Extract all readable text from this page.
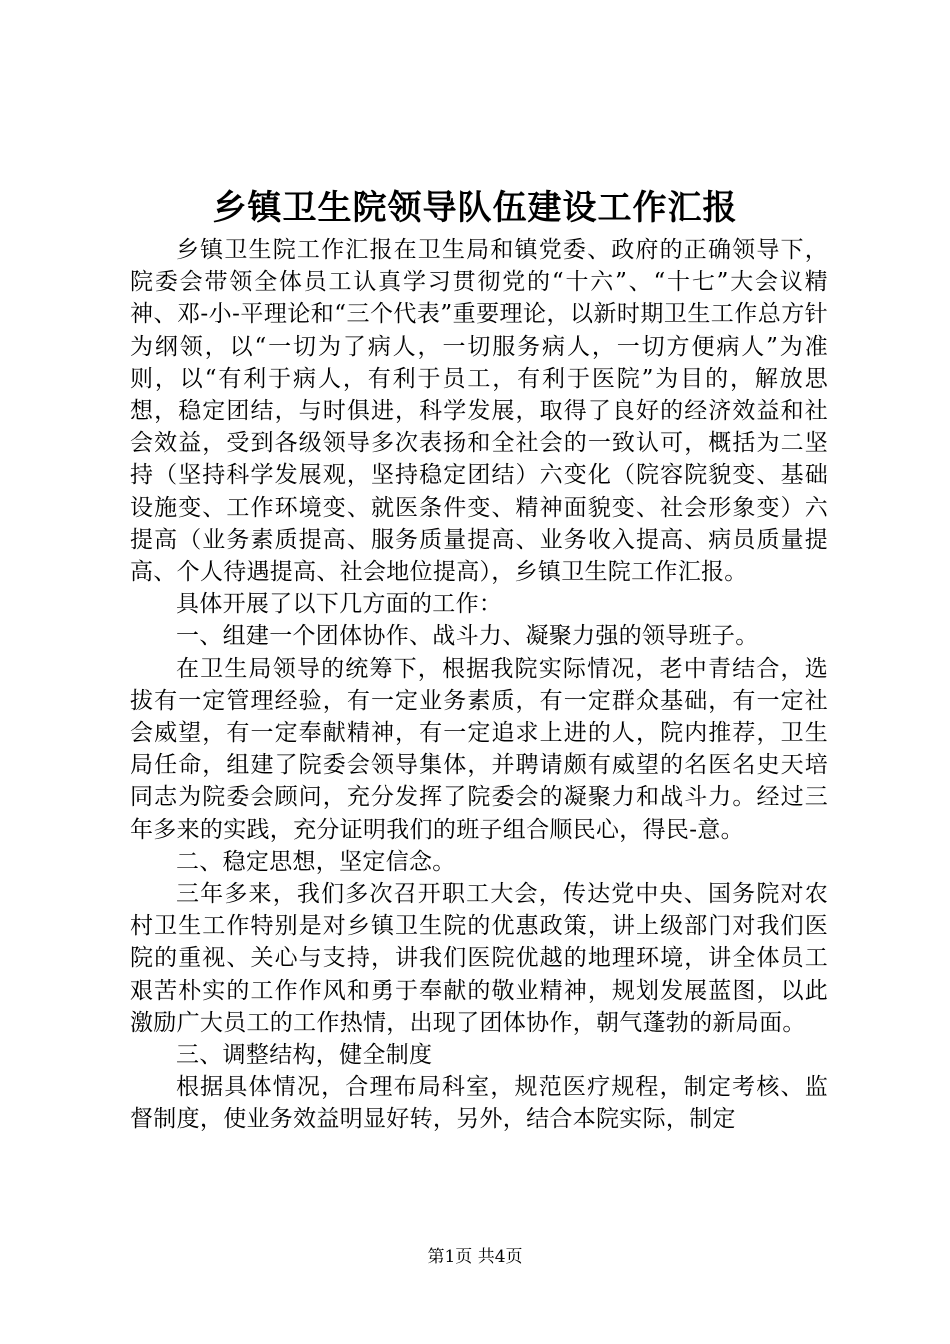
乡镇卫生院领导队伍建设工作汇报

乡镇卫生院工作汇报在卫生局和镇党委、政府的正确领导下，院委会带领全体员工认真学习贯彻党的“十六”、“十七”大会议精神、邓-小-平理论和“三个代表”重要理论，以新时期卫生工作总方针为纲领，以“一切为了病人，一切服务病人，一切方便病人”为准则，以“有利于病人，有利于员工，有利于医院”为目的，解放思想，稳定团结，与时俱进，科学发展，取得了良好的经济效益和社会效益，受到各级领导多次表扬和全社会的一致认可，概括为二坚持（坚持科学发展观，坚持稳定团结）六变化（院容院貌变、基础设施变、工作环境变、就医条件变、精神面貌变、社会形象变）六提高（业务素质提高、服务质量提高、业务收入提高、病员质量提高、个人待遇提高、社会地位提高），乡镇卫生院工作汇报。

具体开展了以下几方面的工作：

一、组建一个团体协作、战斗力、凝聚力强的领导班子。

在卫生局领导的统筹下，根据我院实际情况，老中青结合，选拔有一定管理经验，有一定业务素质，有一定群众基础，有一定社会威望，有一定奉献精神，有一定追求上进的人，院内推荐，卫生局任命，组建了院委会领导集体，并聘请颇有威望的名医名史天培同志为院委会顾问，充分发挥了院委会的凝聚力和战斗力。经过三年多来的实践，充分证明我们的班子组合顺民心，得民-意。

二、稳定思想，坚定信念。

三年多来，我们多次召开职工大会，传达党中央、国务院对农村卫生工作特别是对乡镇卫生院的优惠政策，讲上级部门对我们医院的重视、关心与支持，讲我们医院优越的地理环境，讲全体员工艰苦朴实的工作作风和勇于奉献的敬业精神，规划发展蓝图，以此激励广大员工的工作热情，出现了团体协作，朝气蓬勃的新局面。

三、调整结构，健全制度

根据具体情况，合理布局科室，规范医疗规程，制定考核、监督制度，使业务效益明显好转，另外，结合本院实际，制定

第1页 共4页
